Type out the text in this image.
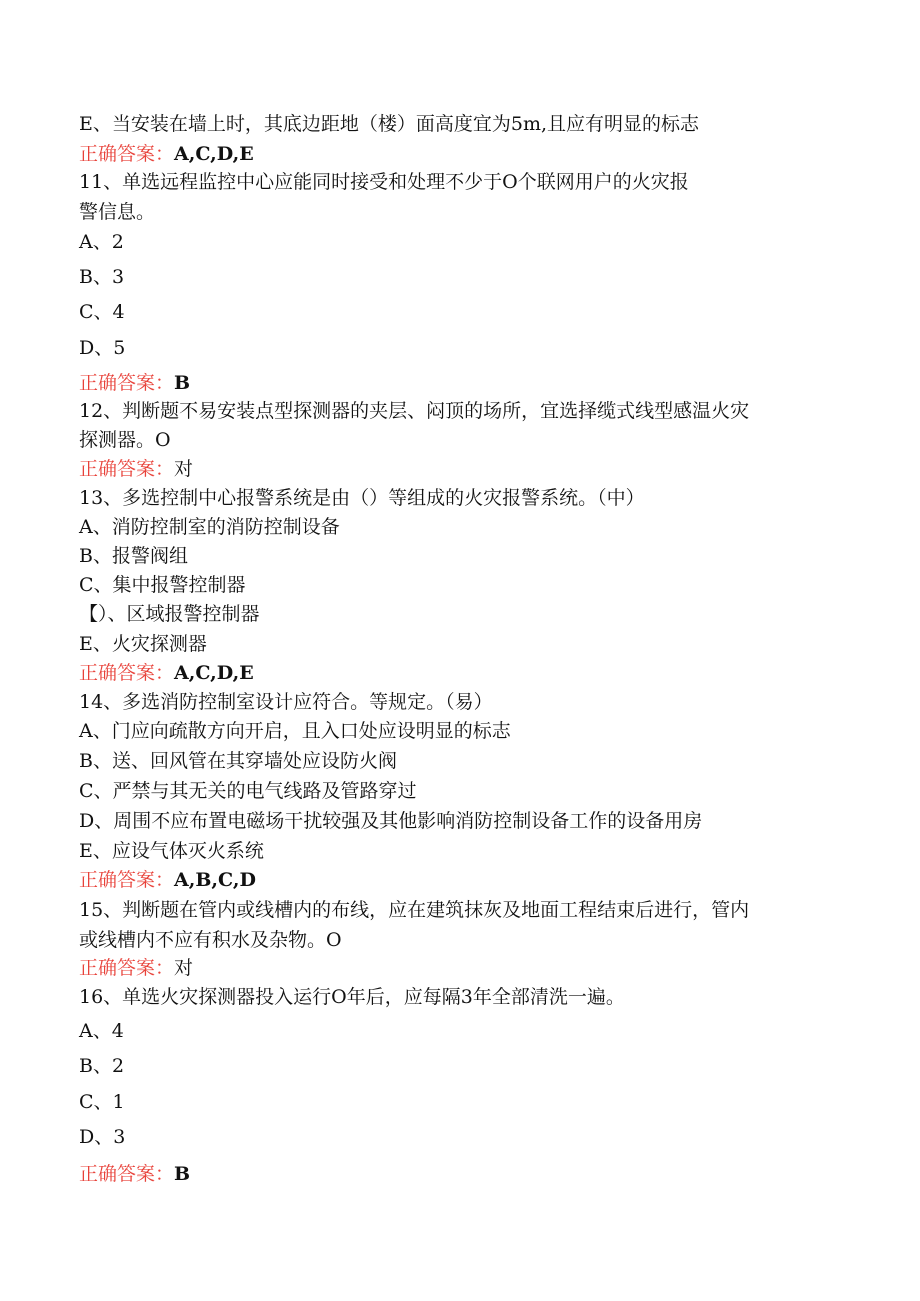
E、当安装在墙上时，其底边距地（楼）面高度宜为5m,且应有明显的标志
正确答案：A,C,D,E
11、单选远程监控中心应能同时接受和处理不少于O个联网用户的火灾报
警信息。
A、2
B、3
C、4
D、5
正确答案：B
12、判断题不易安装点型探测器的夹层、闷顶的场所，宜选择缆式线型感温火灾
探测器。O
正确答案：对
13、多选控制中心报警系统是由（）等组成的火灾报警系统。（中）
A、消防控制室的消防控制设备
B、报警阀组
C、集中报警控制器
【）、区域报警控制器
E、火灾探测器
正确答案：A,C,D,E
14、多选消防控制室设计应符合。等规定。（易）
A、门应向疏散方向开启，且入口处应设明显的标志
B、送、回风管在其穿墙处应设防火阀
C、严禁与其无关的电气线路及管路穿过
D、周围不应布置电磁场干扰较强及其他影响消防控制设备工作的设备用房
E、应设气体灭火系统
正确答案：A,B,C,D
15、判断题在管内或线槽内的布线，应在建筑抹灰及地面工程结束后进行，管内
或线槽内不应有积水及杂物。O
正确答案：对
16、单选火灾探测器投入运行O年后，应每隔3年全部清洗一遍。
A、4
B、2
C、1
D、3
正确答案：B
